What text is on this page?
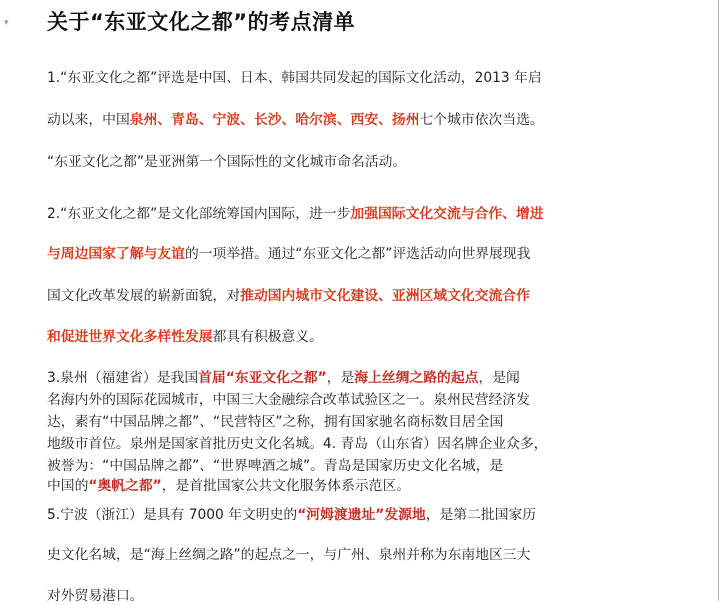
▾ 关于“东亚文化之都”的考点清单
1.“东亚文化之都”评选是中国、日本、韩国共同发起的国际文化活动，2013 年启
动以来，中国泉州、青岛、宁波、长沙、哈尔滨、西安、扬州七个城市依次当选。
“东亚文化之都”是亚洲第一个国际性的文化城市命名活动。
2.“东亚文化之都”是文化部统筹国内国际，进一步加强国际文化交流与合作、增进
与周边国家了解与友谊的一项举措。通过“东亚文化之都”评选活动向世界展现我
国文化改革发展的崭新面貌，对推动国内城市文化建设、亚洲区域文化交流合作
和促进世界文化多样性发展都具有积极意义。
3.泉州（福建省）是我国首届“东亚文化之都”，是海上丝绸之路的起点，是闻
名海内外的国际花园城市，中国三大金融综合改革试验区之一。泉州民营经济发
达，素有“中国品牌之都”、“民营特区”之称，拥有国家驰名商标数目居全国
地级市首位。泉州是国家首批历史文化名城。4. 青岛（山东省）因名牌企业众多，
被誉为：“中国品牌之都”、“世界啤酒之城”。青岛是国家历史文化名城，是
中国的“奥帆之都”，是首批国家公共文化服务体系示范区。
5.宁波（浙江）是具有 7000 年文明史的“河姆渡遗址”发源地，是第二批国家历
史文化名城，是“海上丝绸之路”的起点之一，与广州、泉州并称为东南地区三大
对外贸易港口。
